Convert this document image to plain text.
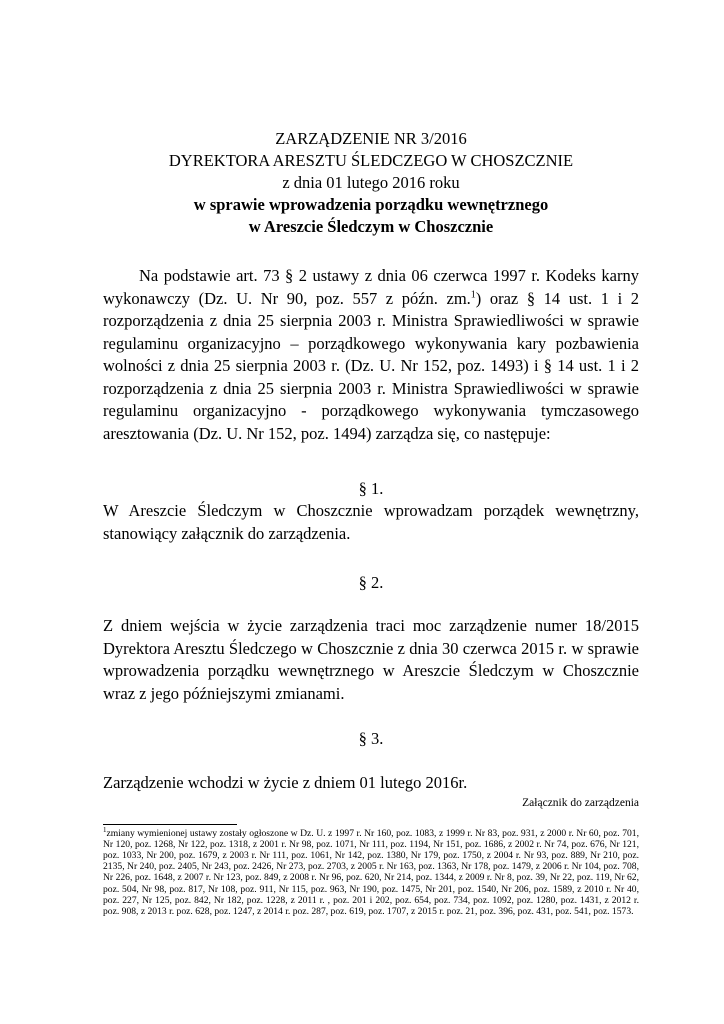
ZARZĄDZENIE NR 3/2016
DYREKTORA ARESZTU ŚLEDCZEGO W CHOSZCZNIE
z dnia 01 lutego 2016 roku
w sprawie wprowadzenia porządku wewnętrznego
w Areszcie Śledczym w Choszcznie
Na podstawie art. 73 § 2 ustawy z dnia 06 czerwca 1997 r. Kodeks karny wykonawczy (Dz. U. Nr 90, poz. 557 z późn. zm.$^1$) oraz § 14 ust. 1 i 2 rozporządzenia z dnia 25 sierpnia 2003 r. Ministra Sprawiedliwości w sprawie regulaminu organizacyjno – porządkowego wykonywania kary pozbawienia wolności z dnia 25 sierpnia 2003 r. (Dz. U. Nr 152, poz. 1493) i § 14 ust. 1 i 2 rozporządzenia z dnia 25 sierpnia 2003 r. Ministra Sprawiedliwości w sprawie regulaminu organizacyjno - porządkowego wykonywania tymczasowego aresztowania (Dz. U. Nr 152, poz. 1494) zarządza się, co następuje:
§ 1.
W Areszcie Śledczym w Choszcznie wprowadzam porządek wewnętrzny, stanowiący załącznik do zarządzenia.
§ 2.
Z dniem wejścia w życie zarządzenia traci moc zarządzenie numer 18/2015 Dyrektora Aresztu Śledczego w Choszcznie z dnia 30 czerwca 2015 r. w sprawie wprowadzenia porządku wewnętrznego w Areszcie Śledczym w Choszcznie wraz z jego późniejszymi zmianami.
§ 3.
Zarządzenie wchodzi w życie z dniem 01 lutego 2016r.
Załącznik do zarządzenia
$^1$zmiany wymienionej ustawy zostały ogłoszone w Dz. U. z 1997 r. Nr 160, poz. 1083, z 1999 r. Nr 83, poz. 931, z 2000 r. Nr 60, poz. 701, Nr 120, poz. 1268, Nr 122, poz. 1318, z 2001 r. Nr 98, poz. 1071, Nr 111, poz. 1194, Nr 151, poz. 1686, z 2002 r. Nr 74, poz. 676, Nr 121, poz. 1033, Nr 200, poz. 1679, z 2003 r. Nr 111, poz. 1061, Nr 142, poz. 1380, Nr 179, poz. 1750, z 2004 r. Nr 93, poz. 889, Nr 210, poz. 2135, Nr 240, poz. 2405, Nr 243, poz. 2426, Nr 273, poz. 2703, z 2005 r. Nr 163, poz. 1363, Nr 178, poz. 1479, z 2006 r. Nr 104, poz. 708, Nr 226, poz. 1648, z 2007 r. Nr 123, poz. 849, z 2008 r. Nr 96, poz. 620, Nr 214, poz. 1344, z 2009 r. Nr 8, poz. 39, Nr 22, poz. 119, Nr 62, poz. 504, Nr 98, poz. 817, Nr 108, poz. 911, Nr 115, poz. 963, Nr 190, poz. 1475, Nr 201, poz. 1540, Nr 206, poz. 1589, z 2010 r. Nr 40, poz. 227, Nr 125, poz. 842, Nr 182, poz. 1228, z 2011 r. , poz. 201 i 202, poz. 654, poz. 734, poz. 1092, poz. 1280, poz. 1431, z 2012 r. poz. 908, z 2013 r. poz. 628, poz. 1247, z 2014 r. poz. 287, poz. 619, poz. 1707, z 2015 r. poz. 21, poz. 396, poz. 431, poz. 541, poz. 1573.
